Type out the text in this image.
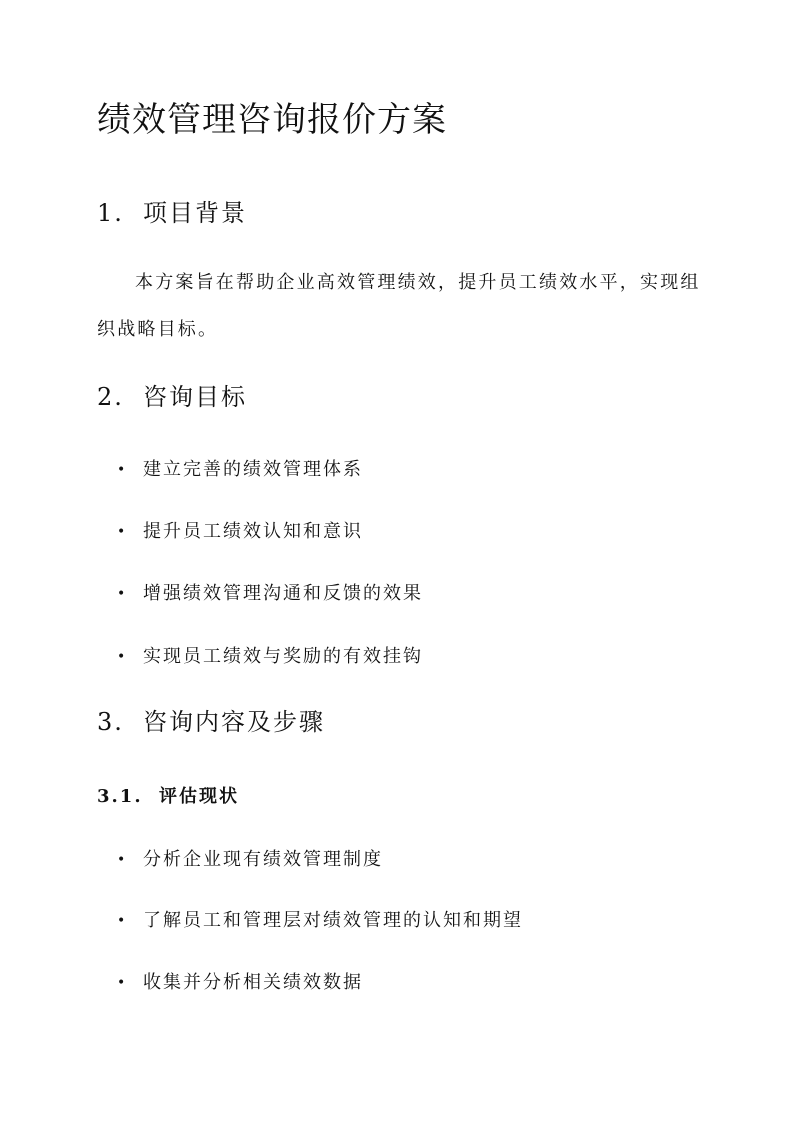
绩效管理咨询报价方案
1. 项目背景
本方案旨在帮助企业高效管理绩效，提升员工绩效水平，实现组织战略目标。
2. 咨询目标
• 建立完善的绩效管理体系
• 提升员工绩效认知和意识
• 增强绩效管理沟通和反馈的效果
• 实现员工绩效与奖励的有效挂钩
3. 咨询内容及步骤
3.1. 评估现状
• 分析企业现有绩效管理制度
• 了解员工和管理层对绩效管理的认知和期望
• 收集并分析相关绩效数据
